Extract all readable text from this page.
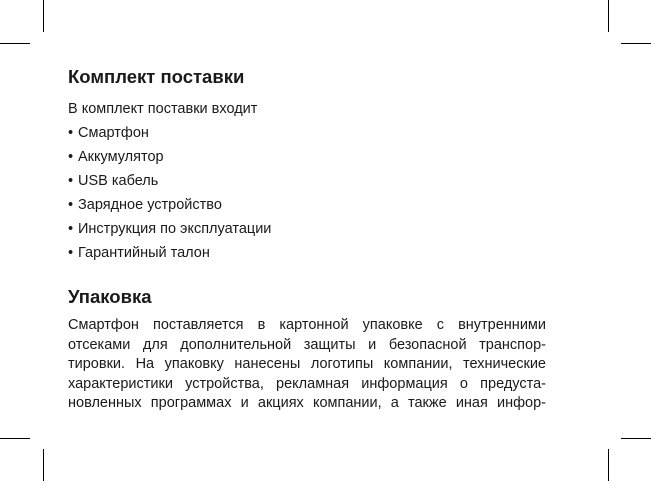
Комплект поставки
В комплект поставки входит
• Смартфон
• Аккумулятор
• USB кабель
• Зарядное устройство
• Инструкция по эксплуатации
• Гарантийный талон
Упаковка
Смартфон поставляется в картонной упаковке с внутренними
отсеками для дополнительной защиты и безопасной транспор-
тировки. На упаковку нанесены логотипы компании, технические
характеристики устройства, рекламная информация о предуста-
новленных программах и акциях компании, а также иная инфор-
